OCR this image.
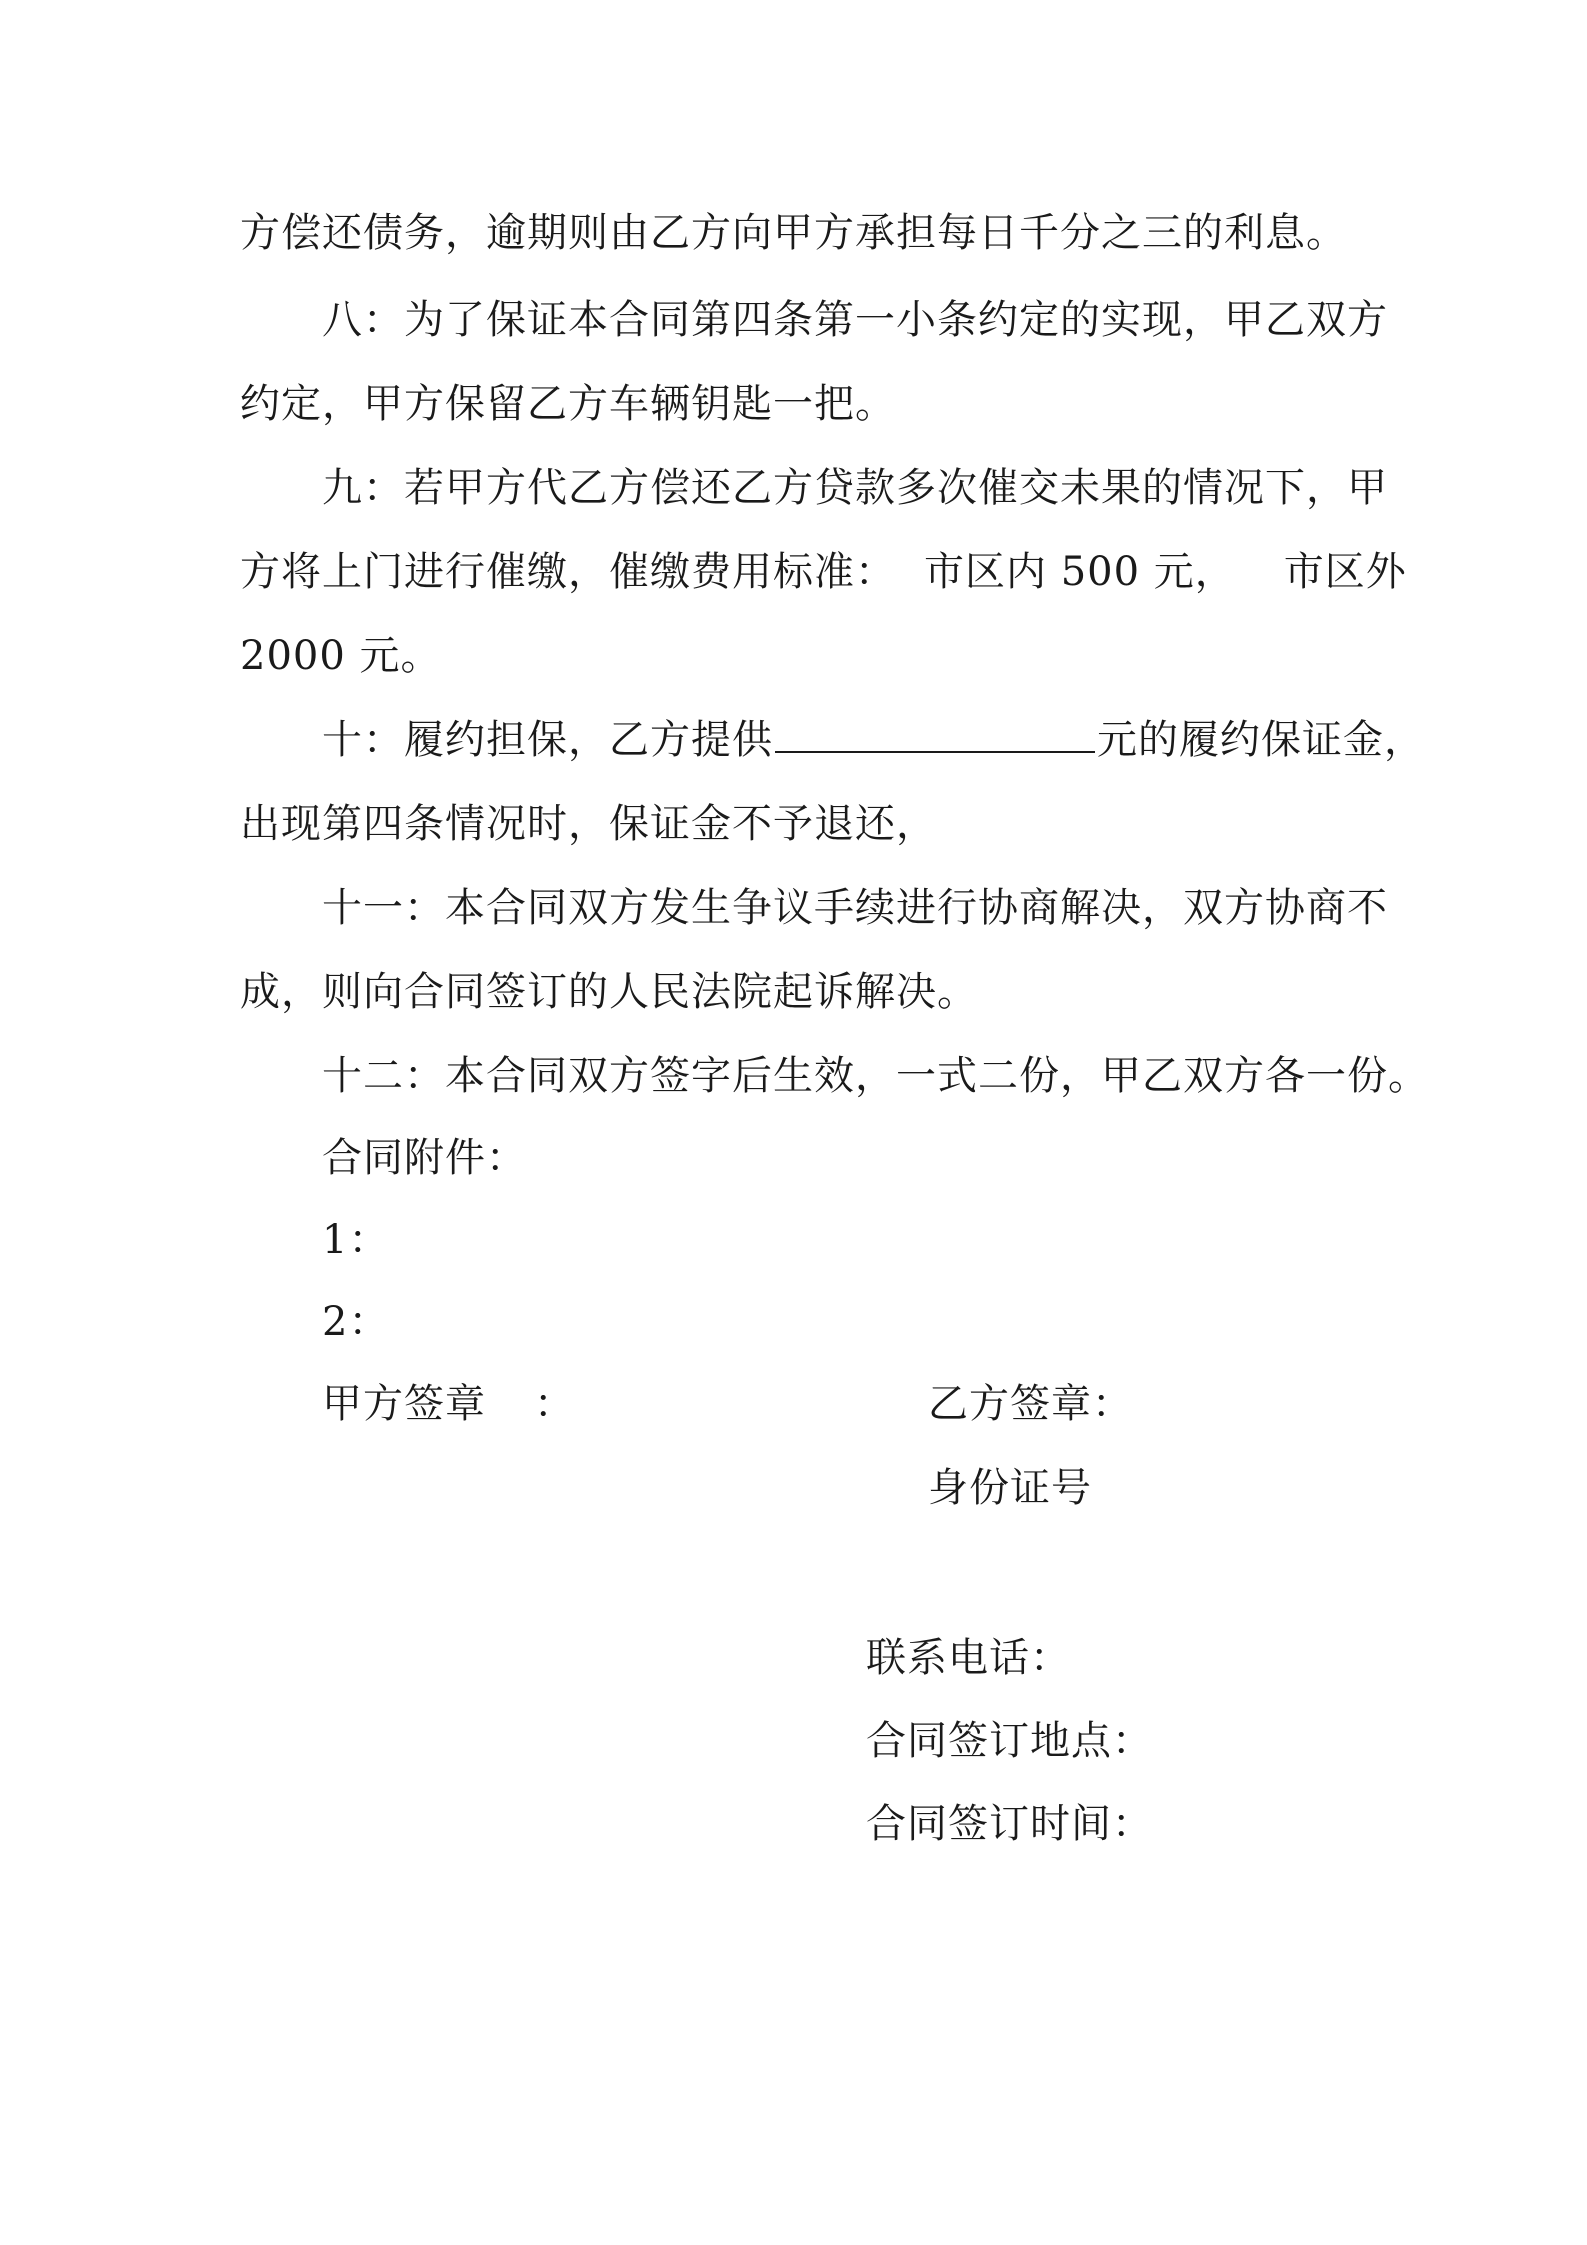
方偿还债务，逾期则由乙方向甲方承担每日千分之三的利息。
八：为了保证本合同第四条第一小条约定的实现，甲乙双方
约定，甲方保留乙方车辆钥匙一把。
九：若甲方代乙方偿还乙方贷款多次催交未果的情况下，甲
方将上门进行催缴，催缴费用标准： 市区内 500 元， 市区外
2000 元。
十：履约担保，乙方提供	元的履约保证金，
出现第四条情况时，保证金不予退还，
十一：本合同双方发生争议手续进行协商解决，双方协商不
成，则向合同签订的人民法院起诉解决。
十二：本合同双方签字后生效，一式二份，甲乙双方各一份。
合同附件：
1：
2：
甲方签章 ：	乙方签章：
身份证号
联系电话：
合同签订地点：
合同签订时间：
